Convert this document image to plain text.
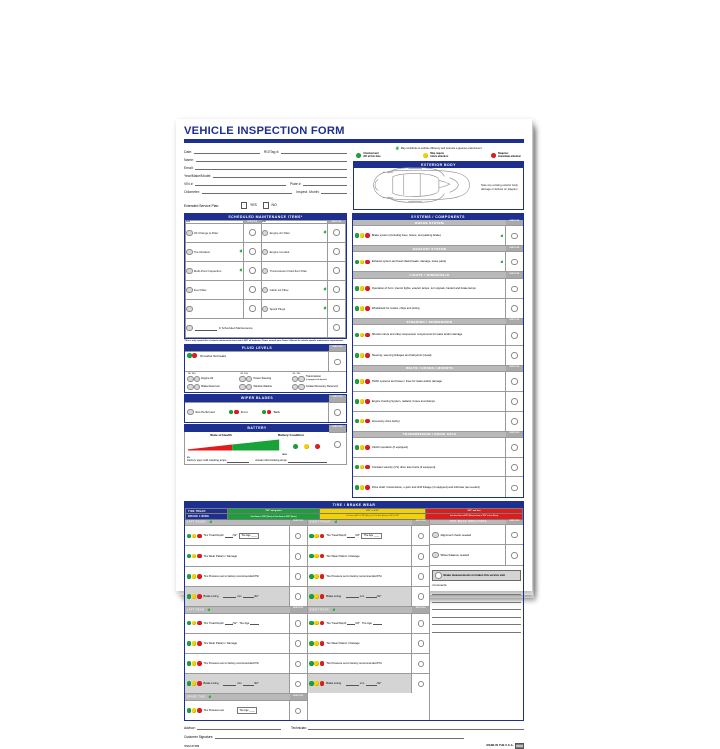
VEHICLE INSPECTION FORM
Date:	RO/Tag #:
Name:
Email:
Year/Make/Model:
VIN #:	Plate #:
Odometer:	Inspect. Month:
Extended Service Plan:	YES	NO
May contribute to vehicle efficiency and promote a greener environment
Checked and
OK at this time
May require
future attention
Requires
immediate attention
EXTERIOR BODY
Note any existing exterior body damage or defects on diagram
SCHEDULED MAINTENANCE ITEMS*
DUE	SERVICED	DUE	SERVICED
Oil Change & Filter		Engine Air Filter

Tire Rotation		Engine Coolant	
Multi-Point Inspection		Transmission Fluid &/or Filter	
Fuel Filter		Cabin Air Filter

		Spark Plugs

K Scheduled Maintenance			
*This is only a partial list of vehicle maintenance items and is NOT all-inclusive. Please consult your Owner's Manual for vehicle-specific maintenance requirements.
FLUID LEVELS	SERVICED
Oil and/or fluid leaks
OK   FILL	OK   FILL	OK   FILL
Engine Oil	Power Steering
Transmission
(if equipped with dipstick)
Brake Reservoir	Window Washer	Coolant Recovery Reservoir
WIPER BLADES	SERVICED
Test Performed	Front	Back
BATTERY	SERVICED
State of Health	Battery Condition
0%
100%

Factory spec cold cranking amps	Actual cold cranking amps
SYSTEMS / COMPONENTS
BRAKE SYSTEM	SERVICED
Brake system (including lines, hoses, and parking brake)
EXHAUST SYSTEM	SERVICED
Exhaust system and heat shield (leaks, damage, loose parts)
LIGHTS / WINDSHIELD	SERVICED
Operation of horn, interior lights, exterior lamps, turn signals, hazard and brake lamps
Windshield for cracks, chips and pitting
STEERING / SUSPENSION	SERVICED
Shocks/ struts and other suspension components for leaks and/or damage
Steering, steering linkages and ball joints (visual)
BELTS / HOSES / MOUNTS	SERVICED
HVAC systems and hoses / lines for leaks and/or damage
Engine Cooling System, radiator, hoses and clamps
Accessory drive belt(s)
TRANSMISSION / DRIVE AXLE	SERVICED
Clutch operation (if equipped)
Constant velocity (CV) drive axle boots (if equipped)
Drive shaft, transmission, u-joint and shift linkage (if equipped) and lubricate (as needed)
TIRE / BRAKE WEAR
TIRE TREAD	7/32" and greater	4/32" to 6/32"	3/32" and less
BRAKE LINING	Over 5mm or 7/32" (Disc.) or Over 2mm or 3/32" (Drum)	3 to 5mm or 4/32" to 7/32" (Disc.) or 1.01 to 2mm (Drum) or 2/32" to 3/32"	Less than 3mm or 4/32" (Disc.) or 1mm or 2/32" or less (Drum)
LEFT FRONT	SERVICED
Tire Tread Depth	/32"	Tire Age ____
Tire Wear Pattern / Damage
Tire Pressure set to factory-recommended PSI
Brake Lining	mm	/32"
LEFT REAR	SERVICED
Tire Tread Depth	/32" Tire Age
Tire Wear Pattern / Damage
Tire Pressure set to factory-recommended PSI
Brake Lining	mm	/32"
SPARE TIRE	SERVICED
Tire Pressure set	Tire Age ____
RIGHT FRONT	SERVICED
Tire Tread Depth	/32"	Tire Age ____
Tire Wear Pattern / Damage
Tire Pressure set to factory-recommended PSI
Brake Lining	mm	/32"
RIGHT REAR	SERVICED
Tire Tread Depth	/32" Tire Age
Tire Wear Pattern / Damage
Tire Pressure set to factory-recommended PSI
Brake Lining	mm	/32"
TIRE WEAR INDICATORS	SERVICED
Alignment check needed
Wheel balance needed
Brake measurements not taken this service visit
Comments:
Advisor:	Technician:
Customer Signature:
ITEM #7289	MADE IN THE U.S.A.
